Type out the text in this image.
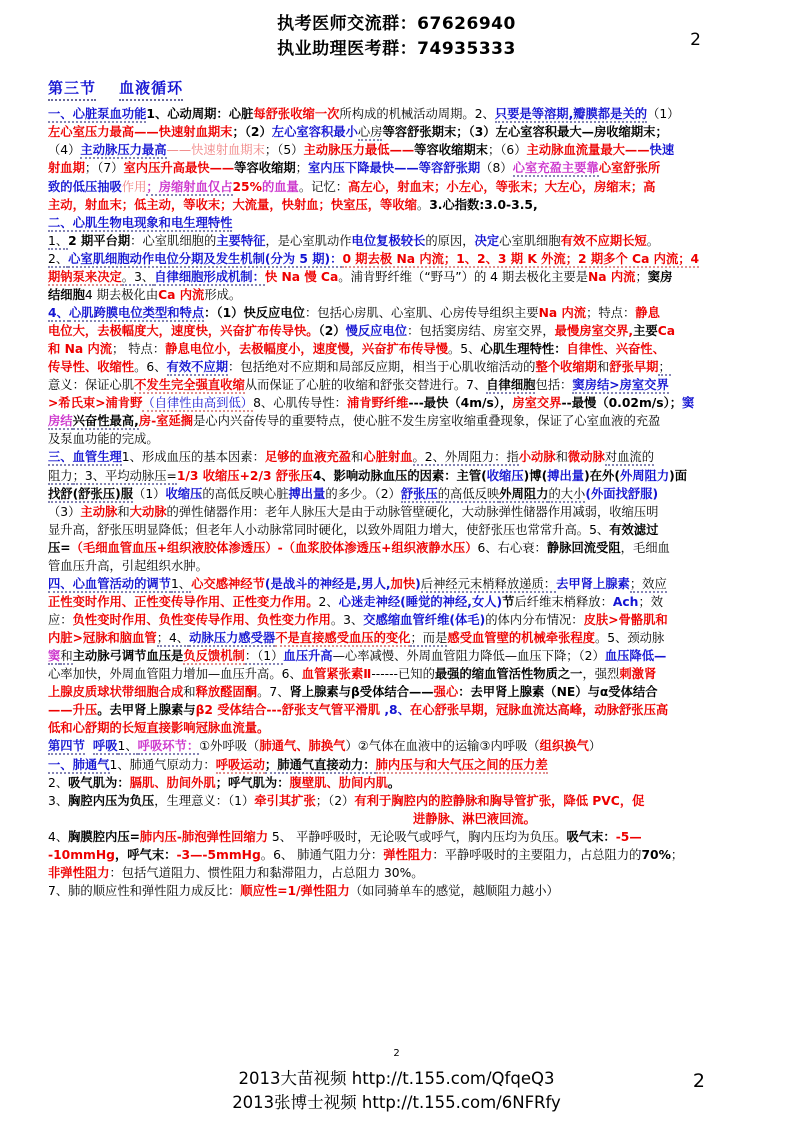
执考医师交流群：67626940
执业助理医考群：74935333	2
第三节 血液循环

一、心脏泵血功能1、心动周期：心脏每舒张收缩一次所构成的机械活动周期。2、只要是等溶期,瓣膜都是关的（1）

左心室压力最高——快速射血期末；（2）左心室容积最小心房等容舒张期末；（3）左心室容积最大—房收缩期末；

（4）主动脉压力最高——快速射血期末；（5）主动脉压力最低——等容收缩期末；（6）主动脉血流量最大——快速

射血期；（7）室内压升高最快——等容收缩期；室内压下降最快——等容舒张期（8）心室充盈主要靠心室舒张所

致的低压抽吸作用；房缩射血仅占25%的血量。记忆：高左心，射血末；小左心，等张末；大左心，房缩末；高

主动，射血末；低主动，等收末；大流量，快射血；快室压，等收缩。3.心指数:3.0-3.5,

二、心肌生物电现象和电生理特性

1、2 期平台期：心室肌细胞的主要特征，是心室肌动作电位复极较长的原因，决定心室肌细胞有效不应期长短。

2、心室肌细胞动作电位分期及发生机制(分为 5 期)：0 期去极 Na 内流；1、2、3 期 K 外流；2 期多个 Ca 内流；4

期钠泵来决定。3、自律细胞形成机制：快 Na 慢 Ca。浦肯野纤维（“野马”）的 4 期去极化主要是Na 内流；窦房

结细胞4 期去极化由Ca 内流形成。

4、心肌跨膜电位类型和特点：（1）快反应电位：包括心房肌、心室肌、心房传导组织主要Na 内流；特点：静息

电位大，去极幅度大，速度快，兴奋扩布传导快。（2）慢反应电位：包括窦房结、房室交界，最慢房室交界,主要Ca

和 Na 内流； 特点：静息电位小，去极幅度小，速度慢，兴奋扩布传导慢。5、心肌生理特性：自律性、兴奋性、

传导性、收缩性。6、有效不应期：包括绝对不应期和局部反应期，相当于心肌收缩活动的整个收缩期和舒张早期；

意义：保证心肌不发生完全强直收缩从而保证了心脏的收缩和舒张交替进行。7、自律细胞包括：窦房结>房室交界

>希氏束>浦肯野（自律性由高到低）8、心肌传导性：浦肯野纤维---最快（4m/s），房室交界--最慢（0.02m/s）；窦

房结兴奋性最高,房-室延搁是心内兴奋传导的重要特点，使心脏不发生房室收缩重叠现象，保证了心室血液的充盈

及泵血功能的完成。

三、血管生理1、形成血压的基本因素：足够的血液充盈和心脏射血。2、外周阻力：指小动脉和微动脉对血流的

阻力；3、平均动脉压=1/3 收缩压+2/3 舒张压4、影响动脉血压的因素：主管(收缩压)博(搏出量)在外(外周阻力)面

找舒(舒张压)服（1）收缩压的高低反映心脏搏出量的多少。（2）舒张压的高低反映外周阻力的大小(外面找舒服)

（3）主动脉和大动脉的弹性储器作用：老年人脉压大是由于动脉管壁硬化，大动脉弹性储器作用减弱，收缩压明

显升高，舒张压明显降低；但老年人小动脉常同时硬化，以致外周阻力增大，使舒张压也常常升高。5、有效滤过

压=（毛细血管血压+组织液胶体渗透压）-（血浆胶体渗透压+组织液静水压）6、右心衰：静脉回流受阻，毛细血

管血压升高，引起组织水肿。

四、心血管活动的调节1、心交感神经节(是战斗的神经是,男人,加快)后神经元末梢释放递质：去甲肾上腺素；效应

正性变时作用、正性变传导作用、正性变力作用。2、心迷走神经(睡觉的神经,女人)节后纤维末梢释放：Ach；效

应：负性变时作用、负性变传导作用、负性变力作用。3、交感缩血管纤维(体毛)的体内分布情况：皮肤>骨骼肌和

内脏>冠脉和脑血管；4、动脉压力感受器不是直接感受血压的变化；而是感受血管壁的机械牵张程度。5、颈动脉

窦和主动脉弓调节血压是负反馈机制：（1）血压升高—心率减慢、外周血管阻力降低—血压下降；（2）血压降低—

心率加快，外周血管阻力增加—血压升高。6、血管紧张素Ⅱ------已知的最强的缩血管活性物质之一，强烈刺激肾

上腺皮质球状带细胞合成和释放醛固酮。7、肾上腺素与β受体结合——强心：去甲肾上腺素（NE）与α受体结合

——升压。去甲肾上腺素与β2 受体结合---舒张支气管平滑肌 ,8、在心舒张早期，冠脉血流达高峰，动脉舒张压高

低和心舒期的长短直接影响冠脉血流量。

第四节 呼吸1、呼吸环节：①外呼吸（肺通气、肺换气）②气体在血液中的运输③内呼吸（组织换气）

一、肺通气1、肺通气原动力：呼吸运动；肺通气直接动力：肺内压与和大气压之间的压力差

2、吸气肌为：膈肌、肋间外肌；呼气肌为：腹壁肌、肋间内肌。

3、胸腔内压为负压，生理意义：（1）牵引其扩张；（2）有利于胸腔内的腔静脉和胸导管扩张，降低 PVC，促

进静脉、淋巴液回流。

4、胸膜腔内压=肺内压-肺泡弹性回缩力 5、 平静呼吸时，无论吸气或呼气，胸内压均为负压。吸气末：-5—

-10mmHg，呼气末：-3—-5mmHg。6、 肺通气阻力分：弹性阻力：平静呼吸时的主要阻力，占总阻力的70%；

非弹性阻力：包括气道阻力、惯性阻力和黏滞阻力，占总阻力 30%。

7、肺的顺应性和弹性阻力成反比：顺应性=1/弹性阻力（如同骑单车的感觉，越顺阻力越小）

2
2013大苗视频 http://t.155.com/QfqeQ3
2013张博士视频 http://t.155.com/6NFRfy
2
